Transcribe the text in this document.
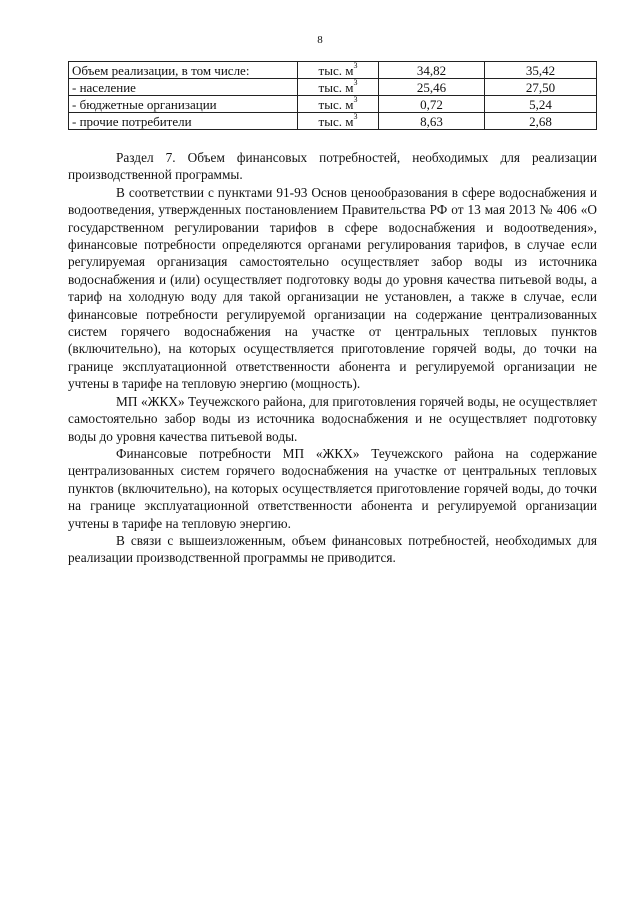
8
Объем реализации, в том числе:	тыс. $м^3$	34,82	35,42
- население	тыс. $м^3$	25,46	27,50
- бюджетные организации	тыс. $м^3$	0,72	5,24
- прочие потребители	тыс. $м^3$	8,63	2,68

Раздел 7. Объем финансовых потребностей, необходимых для реализации производственной программы.

В соответствии с пунктами 91-93 Основ ценообразования в сфере водоснабжения и водоотведения, утвержденных постановлением Правительства РФ от 13 мая 2013 № 406 «О государственном регулировании тарифов в сфере водоснабжения и водоотведения», финансовые потребности определяются органами регулирования тарифов, в случае если регулируемая организация самостоятельно осуществляет забор воды из источника водоснабжения и (или) осуществляет подготовку воды до уровня качества питьевой воды, а тариф на холодную воду для такой организации не установлен, а также в случае, если финансовые потребности регулируемой организации на содержание централизованных систем горячего водоснабжения на участке от центральных тепловых пунктов (включительно), на которых осуществляется приготовление горячей воды, до точки на границе эксплуатационной ответственности абонента и регулируемой организации не учтены в тарифе на тепловую энергию (мощность).

МП «ЖКХ» Теучежского района, для приготовления горячей воды, не осуществляет самостоятельно забор воды из источника водоснабжения и не осуществляет подготовку воды до уровня качества питьевой воды.

Финансовые потребности МП «ЖКХ» Теучежского района на содержание централизованных систем горячего водоснабжения на участке от центральных тепловых пунктов (включительно), на которых осуществляется приготовление горячей воды, до точки на границе эксплуатационной ответственности абонента и регулируемой организации учтены в тарифе на тепловую энергию.

В связи с вышеизложенным, объем финансовых потребностей, необходимых для реализации производственной программы не приводится.
